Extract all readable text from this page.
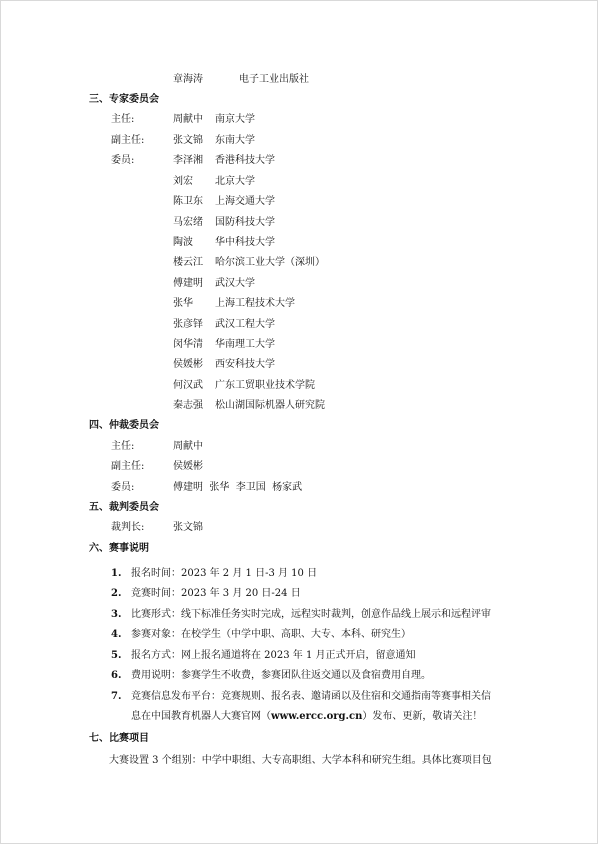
章海涛	电子工业出版社
三、专家委员会
主任:	周献中 南京大学
副主任:	张文锦 东南大学
委员:	李泽湘 香港科技大学
刘宏 北京大学
陈卫东 上海交通大学
马宏绪 国防科技大学
陶波 华中科技大学
楼云江 哈尔滨工业大学（深圳）
傅建明 武汉大学
张华 上海工程技术大学
张彦铎 武汉工程大学
闵华清 华南理工大学
侯媛彬 西安科技大学
何汉武 广东工贸职业技术学院
秦志强 松山湖国际机器人研究院
四、仲裁委员会
主任:	周献中
副主任:	侯媛彬
委员:	傅建明  张华  李卫国  杨家武
五、裁判委员会
裁判长:	张文锦
六、赛事说明
1. 报名时间：2023 年 2 月 1 日-3 月 10 日
2. 竞赛时间：2023 年 3 月 20 日-24 日
3. 比赛形式：线下标准任务实时完成，远程实时裁判，创意作品线上展示和远程评审
4. 参赛对象：在校学生（中学中职、高职、大专、本科、研究生）
5. 报名方式：网上报名通道将在 2023 年 1 月正式开启，留意通知
6. 费用说明：参赛学生不收费，参赛团队往返交通以及食宿费用自理。
7. 竞赛信息发布平台：竞赛规则、报名表、邀请函以及住宿和交通指南等赛事相关信
息在中国教育机器人大赛官网（www.ercc.org.cn）发布、更新，敬请关注！
七、比赛项目
大赛设置 3 个组别：中学中职组、大专高职组、大学本科和研究生组。具体比赛项目包
